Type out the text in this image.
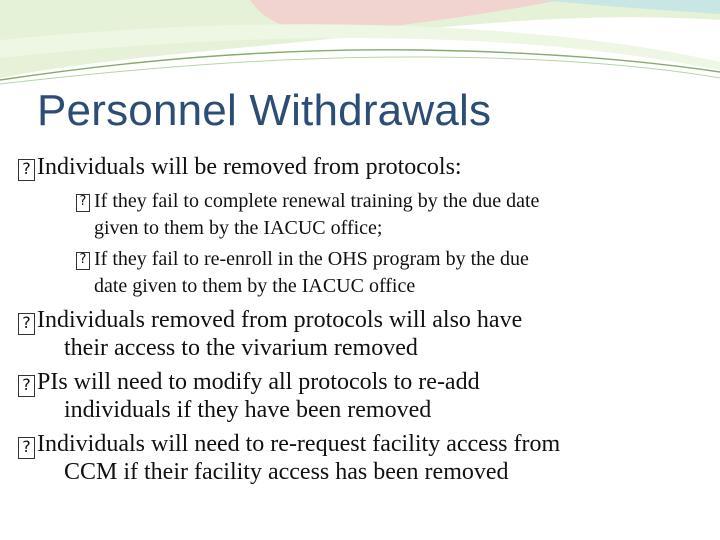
Personnel Withdrawals
?
Individuals will be removed from protocols:
?
If they fail to complete renewal training by the due date
given to them by the IACUC office;
?
If they fail to re-enroll in the OHS program by the due
date given to them by the IACUC office
?
Individuals removed from protocols will also have
their access to the vivarium removed
?
PIs will need to modify all protocols to re-add
individuals if they have been removed
?
Individuals will need to re-request facility access from
CCM if their facility access has been removed
